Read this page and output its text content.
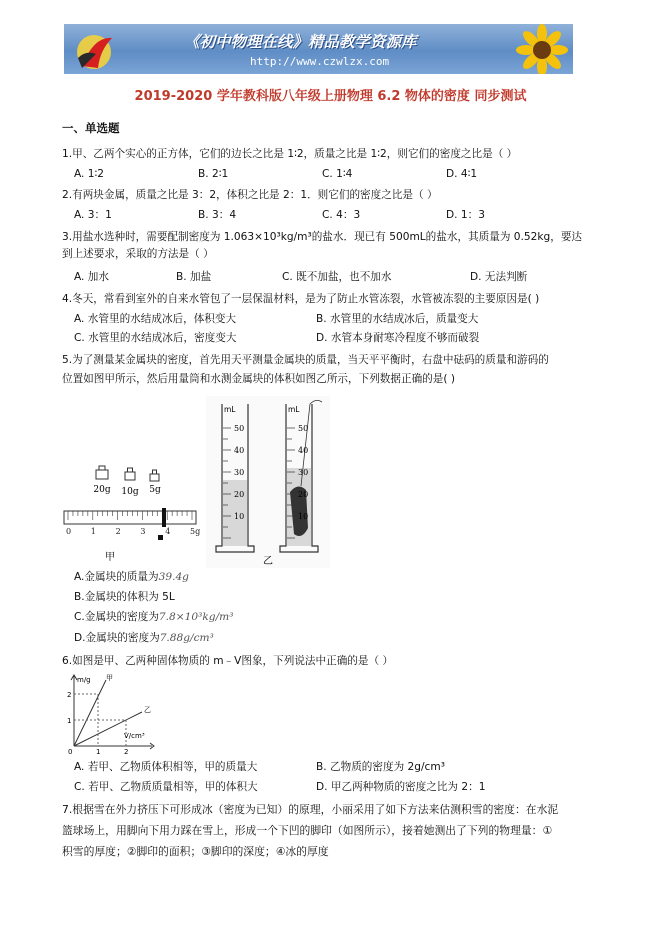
《初中物理在线》精品教学资源库
http://www.czwlzx.com
2019-2020 学年教科版八年级上册物理 6.2 物体的密度 同步测试
一、单选题
1.甲、乙两个实心的正方体，它们的边长之比是 1∶2，质量之比是 1∶2，则它们的密度之比是（ ）
A. 1∶2	B. 2∶1	C. 1∶4	D. 4∶1
2.有两块金属，质量之比是 3：2，体积之比是 2：1．则它们的密度之比是（ ）
A. 3：1	B. 3：4	C. 4：3	D. 1：3
3.用盐水选种时，需要配制密度为 1.063×10³kg/m³的盐水．现已有 500mL的盐水，其质量为 0.52kg，要达
到上述要求，采取的方法是（ ）
A. 加水	B. 加盐	C. 既不加盐，也不加水	D. 无法判断
4.冬天，常看到室外的自来水管包了一层保温材料，是为了防止水管冻裂，水管被冻裂的主要原因是( )
A. 水管里的水结成冰后，体积变大	B. 水管里的水结成冰后，质量变大
C. 水管里的水结成冰后，密度变大	D. 水管本身耐寒冷程度不够而破裂
5.为了测量某金属块的密度，首先用天平测量金属块的质量，当天平平衡时，右盘中砝码的质量和游码的
位置如图甲所示，然后用量筒和水测金属块的体积如图乙所示，下列数据正确的是( )
20g 10g 5g
0 1 2 3 4 5g
甲
mL
50
40
30
20
10
mL
50
40
30
20
10
乙
A.金属块的质量为39.4g
B.金属块的体积为 5L
C.金属块的密度为7.8×10³kg/m³
D.金属块的密度为7.88g/cm³
6.如图是甲、乙两种固体物质的 m﹣V图象，下列说法中正确的是（ ）
m/g
V/cm³
2
1
0	1	2
甲
乙
A. 若甲、乙物质体积相等，甲的质量大	B. 乙物质的密度为 2g/cm³
C. 若甲、乙物质质量相等，甲的体积大	D. 甲乙两种物质的密度之比为 2：1
7.根据雪在外力挤压下可形成冰（密度为已知）的原理，小丽采用了如下方法来估测积雪的密度：在水泥
篮球场上，用脚向下用力踩在雪上，形成一个下凹的脚印（如图所示），接着她测出了下列的物理量：①
积雪的厚度；②脚印的面积；③脚印的深度；④冰的厚度
